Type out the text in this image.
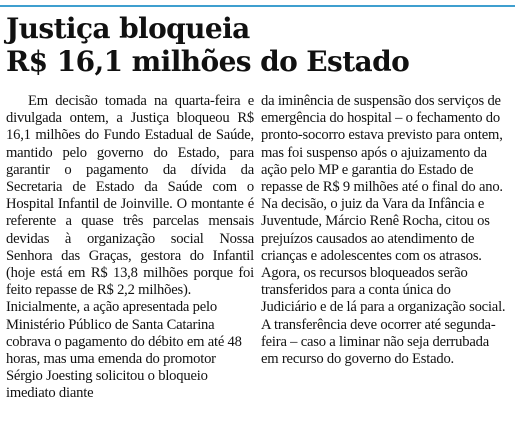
Justiça bloqueia
R$ 16,1 milhões do Estado

Em decisão tomada na quarta-feira e divulgada ontem, a Justiça bloqueou R$ 16,1 milhões do Fundo Estadual de Saúde, mantido pelo governo do Estado, para garantir o pagamento da dívida da Secretaria de Estado da Saúde com o Hospital Infantil de Joinville. O montante é referente a quase três parcelas mensais devidas à organização social Nossa Senhora das Graças, gestora do Infantil (hoje está em R$ 13,8 milhões porque foi feito repasse de R$ 2,2 milhões).

Inicialmente, a ação apresentada pelo Ministério Público de Santa Catarina cobrava o pagamento do débito em até 48 horas, mas uma emenda do promotor Sérgio Joesting solicitou o bloqueio imediato diante

da iminência de suspensão dos serviços de emergência do hospital – o fechamento do pronto-socorro estava previsto para ontem, mas foi suspenso após o ajuizamento da ação pelo MP e garantia do Estado de repasse de R$ 9 milhões até o final do ano. Na decisão, o juiz da Vara da Infância e Juventude, Márcio Renê Rocha, citou os prejuízos causados ao atendimento de crianças e adolescentes com os atrasos.

Agora, os recursos bloqueados serão transferidos para a conta única do Judiciário e de lá para a organização social. A transferência deve ocorrer até segunda-feira – caso a liminar não seja derrubada em recurso do governo do Estado.
